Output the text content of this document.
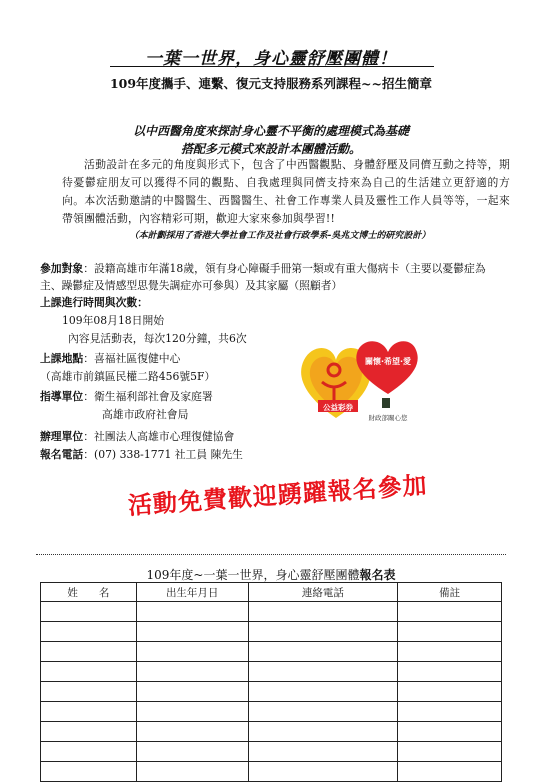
一葉一世界，身心靈舒壓團體！
109年度攜手、連繫、復元支持服務系列課程~~招生簡章
以中西醫角度來探討身心靈不平衡的處理模式為基礎
搭配多元模式來設計本團體活動。
活動設計在多元的角度與形式下，包含了中西醫觀點、身體舒壓及同儕互動之持等，期待憂鬱症朋友可以獲得不同的觀點、自我處理與同儕支持來為自己的生活建立更舒適的方向。本次活動邀請的中醫醫生、西醫醫生、社會工作專業人員及靈性工作人員等等，一起來帶領團體活動，內容精彩可期，歡迎大家來參加與學習!!
（本計劃採用了香港大學社會工作及社會行政學系-吳兆文博士的研究設計）
參加對象：設籍高雄市年滿18歲，領有身心障礙手冊第一類或有重大傷病卡（主要以憂鬱症為主、躁鬱症及情感型思覺失調症亦可參與）及其家屬（照顧者）
上課進行時間與次數：
109年08月18日開始
內容見活動表，每次120分鐘，共6次
上課地點：喜福社區復健中心
（高雄市前鎮區民權二路456號5F）
指導單位：衛生福利部社會及家庭署
高雄市政府社會局
辦理單位：社團法人高雄市心理復健協會
報名電話：(07) 338-1771 社工員 陳先生
關懷·希望·愛
公益彩券
財政部關心您
活動免費歡迎踴躍報名參加
109年度~一葉一世界，身心靈舒壓團體報名表
姓　　名	出生年月日	連絡電話	備註
